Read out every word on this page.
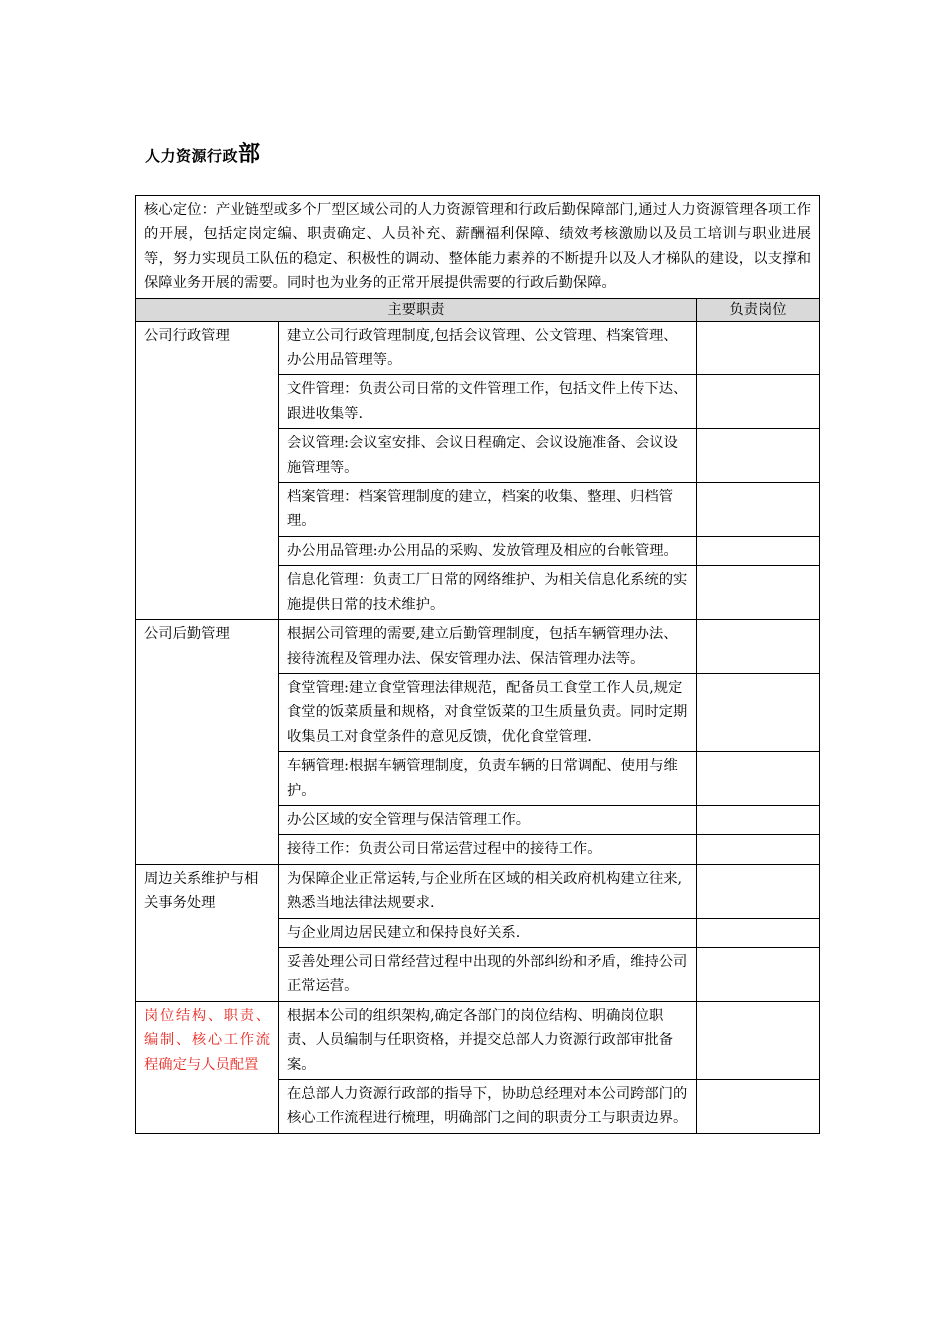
人力资源行政部
核心定位：产业链型或多个厂型区域公司的人力资源管理和行政后勤保障部门,通过人力资源管理各项工作的开展，包括定岗定编、职责确定、人员补充、薪酬福利保障、绩效考核激励以及员工培训与职业进展等，努力实现员工队伍的稳定、积极性的调动、整体能力素养的不断提升以及人才梯队的建设，以支撑和保障业务开展的需要。同时也为业务的正常开展提供需要的行政后勤保障。		
主要职责		负责岗位
公司行政管理	建立公司行政管理制度,包括会议管理、公文管理、档案管理、办公用品管理等。	
	文件管理：负责公司日常的文件管理工作，包括文件上传下达、跟进收集等.	
	会议管理:会议室安排、会议日程确定、会议设施准备、会议设施管理等。	
	档案管理：档案管理制度的建立，档案的收集、整理、归档管理。	
	办公用品管理:办公用品的采购、发放管理及相应的台帐管理。	
	信息化管理：负责工厂日常的网络维护、为相关信息化系统的实施提供日常的技术维护。	
公司后勤管理	根据公司管理的需要,建立后勤管理制度，包括车辆管理办法、接待流程及管理办法、保安管理办法、保洁管理办法等。	
	食堂管理:建立食堂管理法律规范，配备员工食堂工作人员,规定食堂的饭菜质量和规格，对食堂饭菜的卫生质量负责。同时定期收集员工对食堂条件的意见反馈，优化食堂管理.	
	车辆管理:根据车辆管理制度，负责车辆的日常调配、使用与维护。	
	办公区域的安全管理与保洁管理工作。	
	接待工作：负责公司日常运营过程中的接待工作。	
周边关系维护与相关事务处理	为保障企业正常运转,与企业所在区域的相关政府机构建立往来,熟悉当地法律法规要求.	
	与企业周边居民建立和保持良好关系.	
	妥善处理公司日常经营过程中出现的外部纠纷和矛盾，维持公司正常运营。	
岗位结构、职责、编制、核心工作流程确定与人员配置	根据本公司的组织架构,确定各部门的岗位结构、明确岗位职责、人员编制与任职资格，并提交总部人力资源行政部审批备案。	
	在总部人力资源行政部的指导下，协助总经理对本公司跨部门的核心工作流程进行梳理，明确部门之间的职责分工与职责边界。	
